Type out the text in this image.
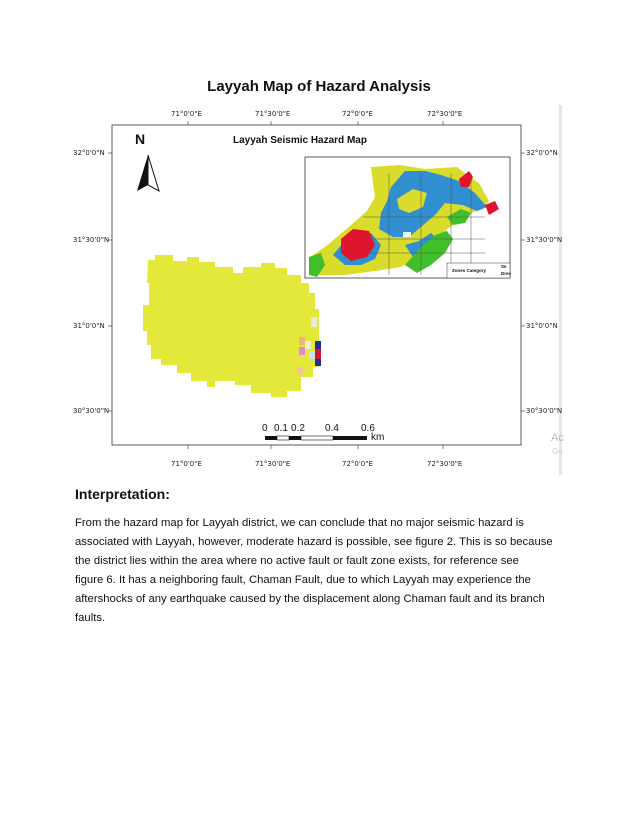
Layyah Map of Hazard Analysis
71°0'0"E	71°30'0"E	72°0'0"E	72°30'0"E
71°0'0"E	71°30'0"E	72°0'0"E	72°30'0"E
32°0'0"N
31°30'0"N
31°0'0"N
30°30'0"N
32°0'0"N
31°30'0"N
31°0'0"N
30°30'0"N
Layyah Seismic Hazard Map
N
0 0.1 0.2 0.4 0.6
km
Zones Category
Se
Dres
Ac
Go
Interpretation:
From the hazard map for Layyah district, we can conclude that no major seismic hazard is
associated with Layyah, however, moderate hazard is possible, see figure 2. This is so because
the district lies within the area where no active fault or fault zone exists, for reference see
figure 6. It has a neighboring fault, Chaman Fault, due to which Layyah may experience the
aftershocks of any earthquake caused by the displacement along Chaman fault and its branch
faults.
